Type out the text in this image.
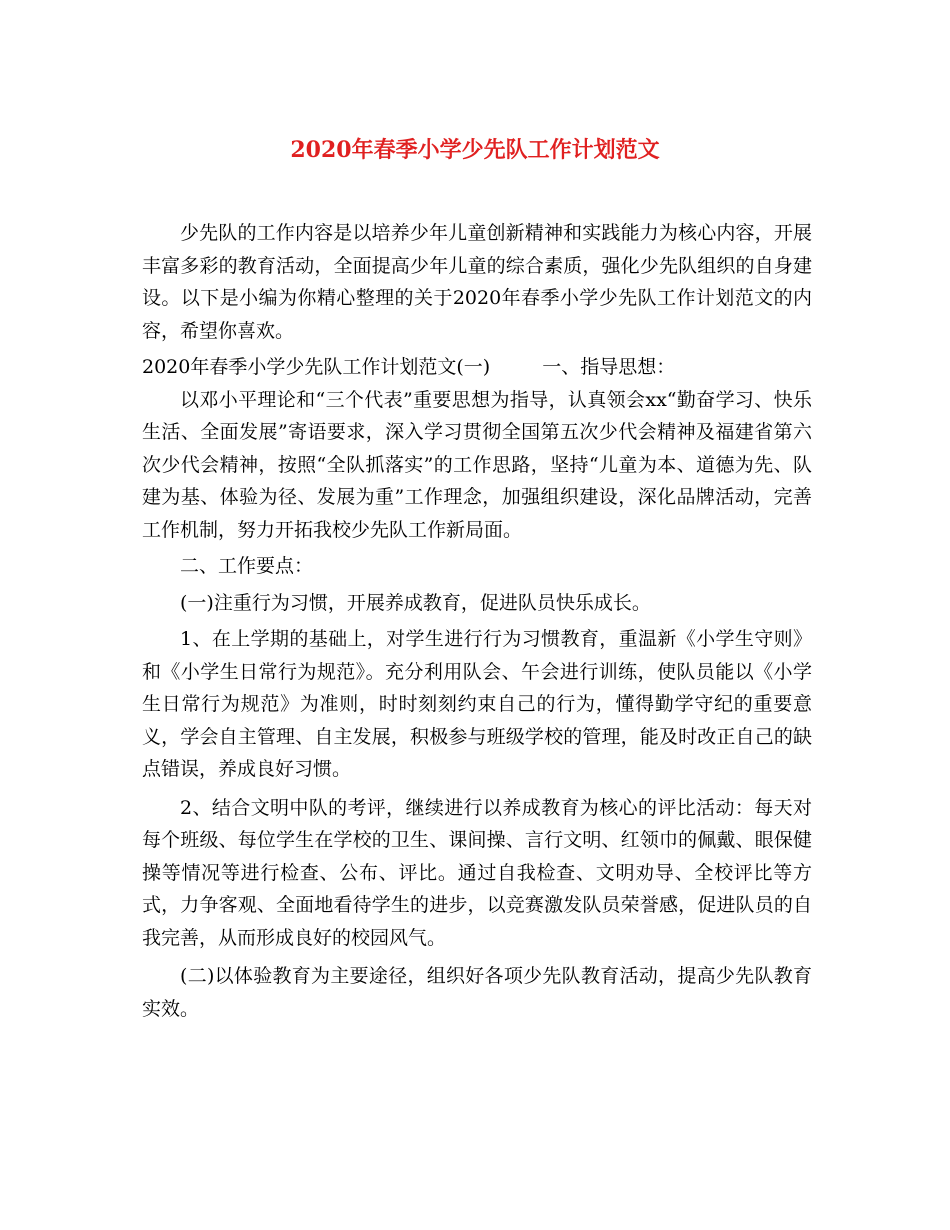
2020年春季小学少先队工作计划范文

少先队的工作内容是以培养少年儿童创新精神和实践能力为核心内容，开展丰富多彩的教育活动，全面提高少年儿童的综合素质，强化少先队组织的自身建设。以下是小编为你精心整理的关于2020年春季小学少先队工作计划范文的内容，希望你喜欢。

2020年春季小学少先队工作计划范文(一)	一、指导思想：

以邓小平理论和“三个代表”重要思想为指导，认真领会xx“勤奋学习、快乐生活、全面发展”寄语要求，深入学习贯彻全国第五次少代会精神及福建省第六次少代会精神，按照“全队抓落实”的工作思路，坚持“儿童为本、道德为先、队建为基、体验为径、发展为重”工作理念，加强组织建设，深化品牌活动，完善工作机制，努力开拓我校少先队工作新局面。

二、工作要点：

(一)注重行为习惯，开展养成教育，促进队员快乐成长。

1、在上学期的基础上，对学生进行行为习惯教育，重温新《小学生守则》和《小学生日常行为规范》。充分利用队会、午会进行训练，使队员能以《小学生日常行为规范》为准则，时时刻刻约束自己的行为，懂得勤学守纪的重要意义，学会自主管理、自主发展，积极参与班级学校的管理，能及时改正自己的缺点错误，养成良好习惯。

2、结合文明中队的考评，继续进行以养成教育为核心的评比活动：每天对每个班级、每位学生在学校的卫生、课间操、言行文明、红领巾的佩戴、眼保健操等情况等进行检查、公布、评比。通过自我检查、文明劝导、全校评比等方式，力争客观、全面地看待学生的进步，以竞赛激发队员荣誉感，促进队员的自我完善，从而形成良好的校园风气。

(二)以体验教育为主要途径，组织好各项少先队教育活动，提高少先队教育实效。
